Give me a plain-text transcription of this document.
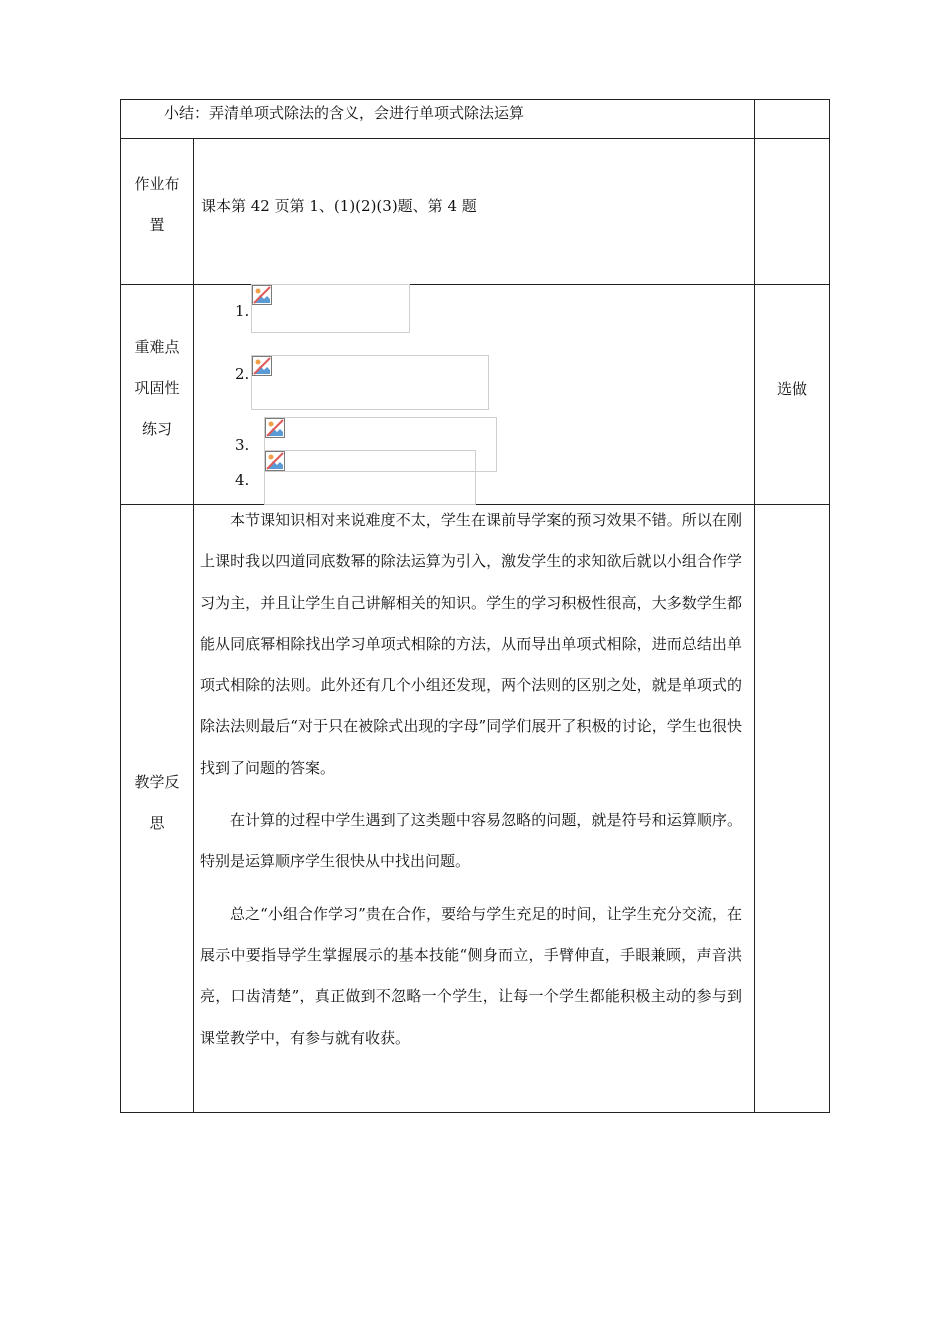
小结：弄清单项式除法的含义，会进行单项式除法运算
作业布
置
课本第 42 页第 1、(1)(2)(3)题、第 4 题
重难点
巩固性
练习
1.
2.
3.
4.
选做
教学反
思

本节课知识相对来说难度不太，学生在课前导学案的预习效果不错。所以在刚上课时我以四道同底数幂的除法运算为引入，激发学生的求知欲后就以小组合作学习为主，并且让学生自己讲解相关的知识。学生的学习积极性很高，大多数学生都能从同底幂相除找出学习单项式相除的方法，从而导出单项式相除，进而总结出单项式相除的法则。此外还有几个小组还发现，两个法则的区别之处，就是单项式的除法法则最后“对于只在被除式出现的字母”同学们展开了积极的讨论，学生也很快找到了问题的答案。

在计算的过程中学生遇到了这类题中容易忽略的问题，就是符号和运算顺序。特别是运算顺序学生很快从中找出问题。

总之“小组合作学习”贵在合作，要给与学生充足的时间，让学生充分交流，在展示中要指导学生掌握展示的基本技能“侧身而立，手臂伸直，手眼兼顾，声音洪亮，口齿清楚”，真正做到不忽略一个学生，让每一个学生都能积极主动的参与到课堂教学中，有参与就有收获。
